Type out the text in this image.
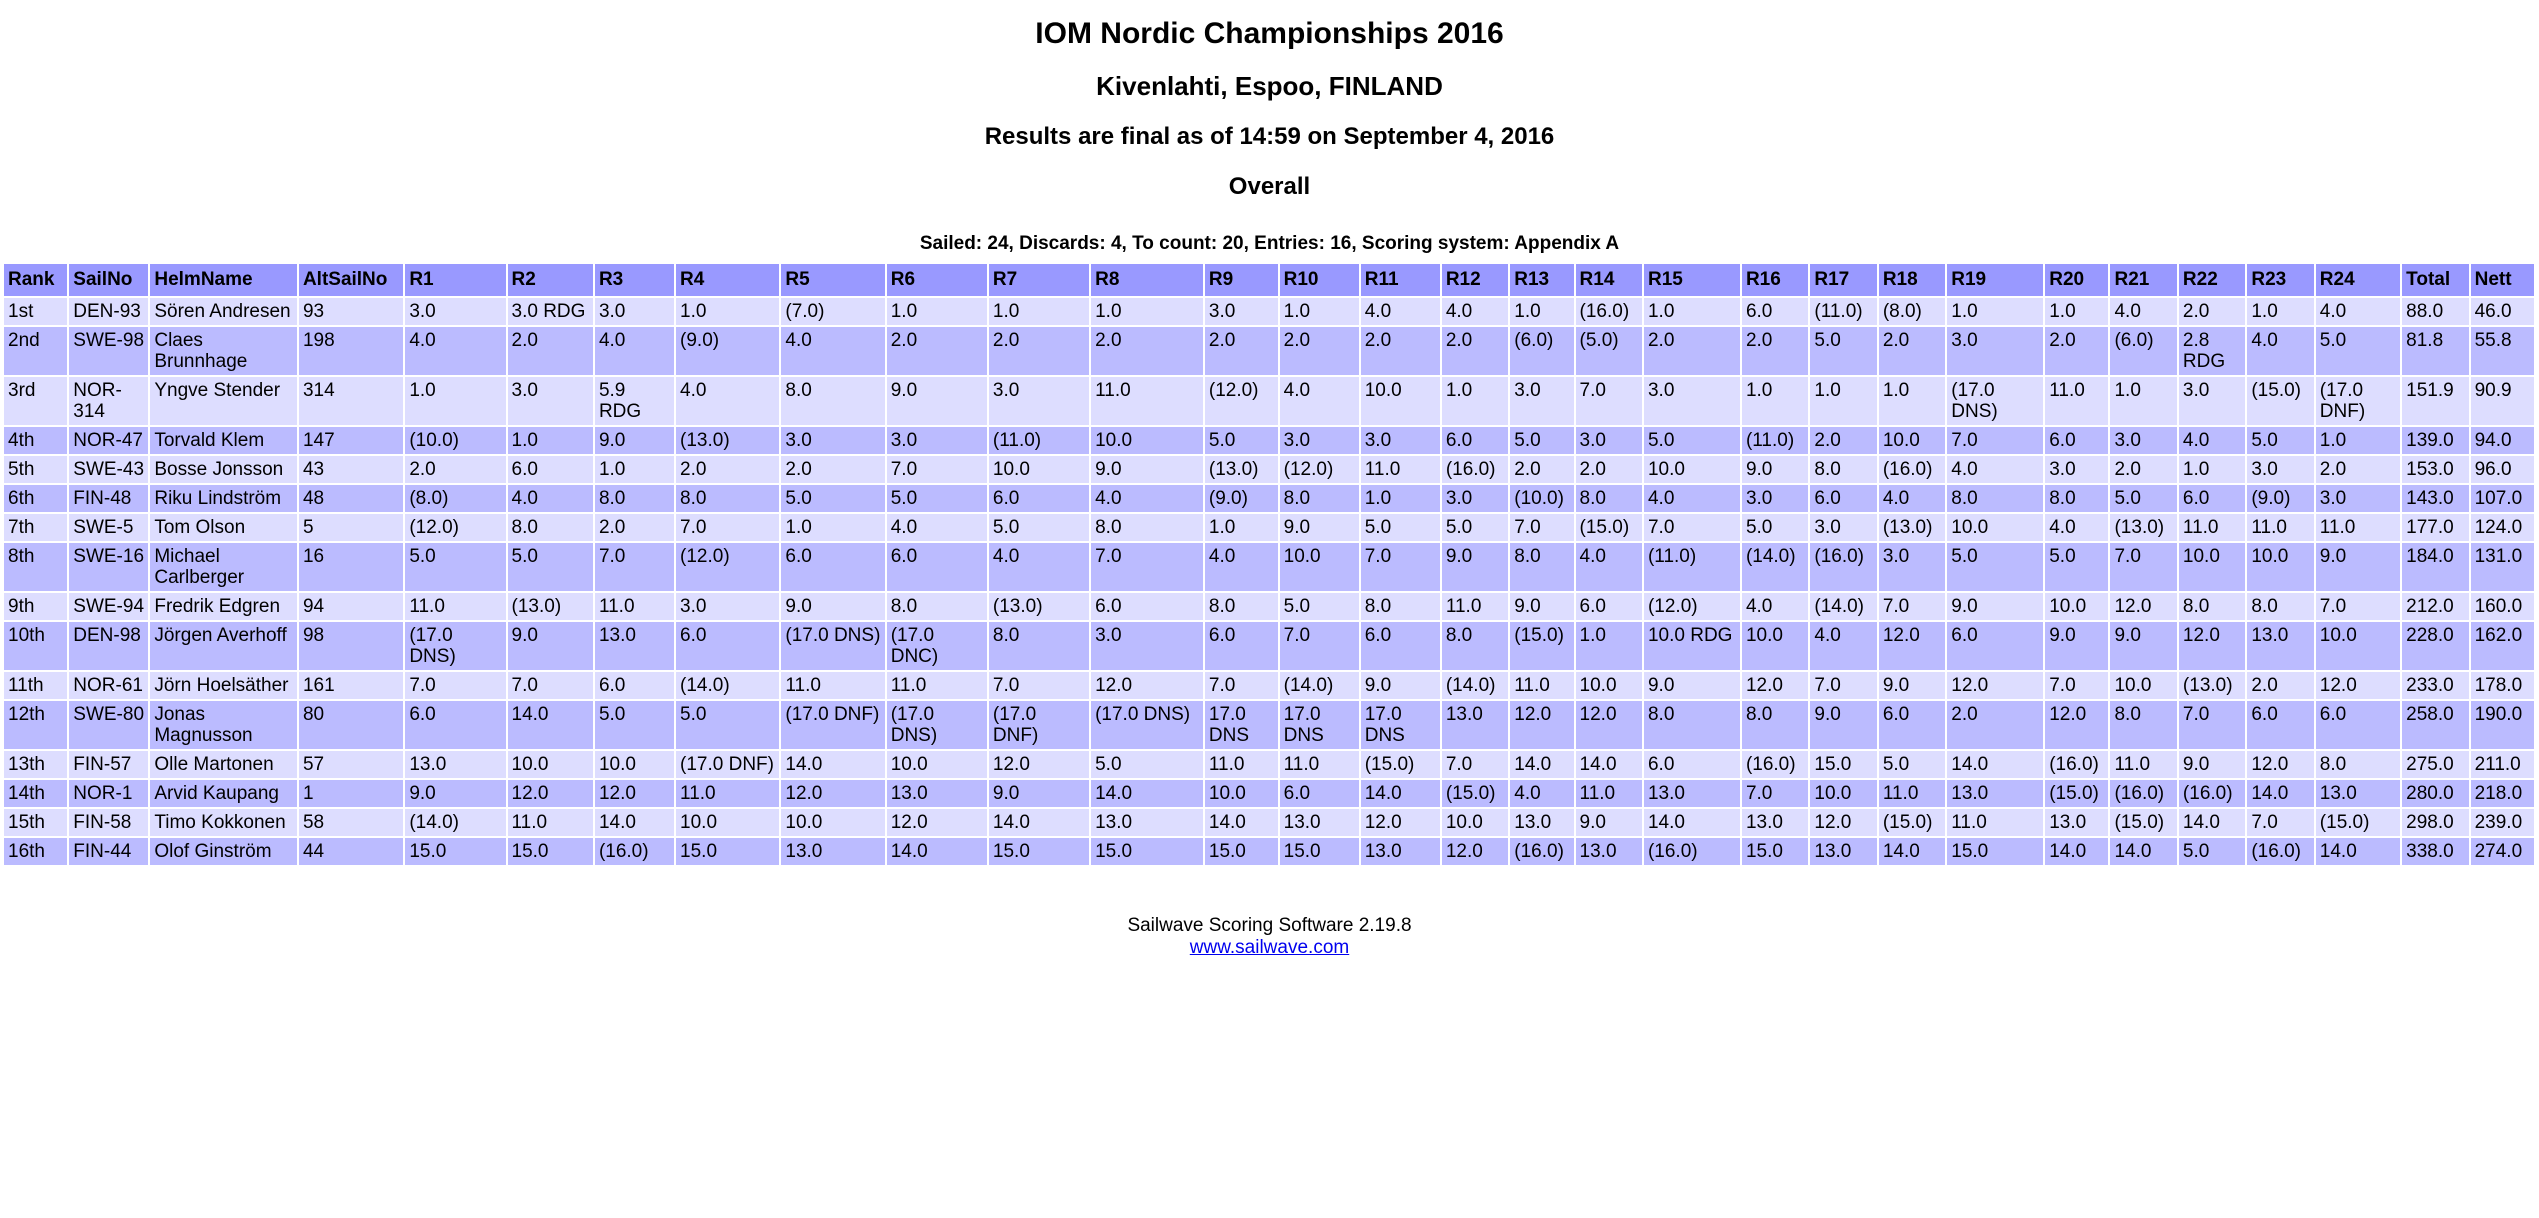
IOM Nordic Championships 2016
Kivenlahti, Espoo, FINLAND
Results are final as of 14:59 on September 4, 2016
Overall
Sailed: 24, Discards: 4, To count: 20, Entries: 16, Scoring system: Appendix A
Rank	SailNo	HelmName	AltSailNo	R1	R2	R3	R4	R5	R6	R7	R8	R9	R10	R11	R12	R13	R14	R15	R16	R17	R18	R19	R20	R21	R22	R23	R24	Total	Nett
1st	DEN-93	Sören Andresen	93	3.0	3.0 RDG	3.0	1.0	(7.0)	1.0	1.0	1.0	3.0	1.0	4.0	4.0	1.0	(16.0)	1.0	6.0	(11.0)	(8.0)	1.0	1.0	4.0	2.0	1.0	4.0	88.0	46.0
2nd	SWE-98	Claes Brunnhage	198	4.0	2.0	4.0	(9.0)	4.0	2.0	2.0	2.0	2.0	2.0	2.0	2.0	(6.0)	(5.0)	2.0	2.0	5.0	2.0	3.0	2.0	(6.0)	2.8 RDG	4.0	5.0	81.8	55.8
3rd	NOR-314	Yngve Stender	314	1.0	3.0	5.9 RDG	4.0	8.0	9.0	3.0	11.0	(12.0)	4.0	10.0	1.0	3.0	7.0	3.0	1.0	1.0	1.0	(17.0 DNS)	11.0	1.0	3.0	(15.0)	(17.0 DNF)	151.9	90.9
4th	NOR-47	Torvald Klem	147	(10.0)	1.0	9.0	(13.0)	3.0	3.0	(11.0)	10.0	5.0	3.0	3.0	6.0	5.0	3.0	5.0	(11.0)	2.0	10.0	7.0	6.0	3.0	4.0	5.0	1.0	139.0	94.0
5th	SWE-43	Bosse Jonsson	43	2.0	6.0	1.0	2.0	2.0	7.0	10.0	9.0	(13.0)	(12.0)	11.0	(16.0)	2.0	2.0	10.0	9.0	8.0	(16.0)	4.0	3.0	2.0	1.0	3.0	2.0	153.0	96.0
6th	FIN-48	Riku Lindström	48	(8.0)	4.0	8.0	8.0	5.0	5.0	6.0	4.0	(9.0)	8.0	1.0	3.0	(10.0)	8.0	4.0	3.0	6.0	4.0	8.0	8.0	5.0	6.0	(9.0)	3.0	143.0	107.0
7th	SWE-5	Tom Olson	5	(12.0)	8.0	2.0	7.0	1.0	4.0	5.0	8.0	1.0	9.0	5.0	5.0	7.0	(15.0)	7.0	5.0	3.0	(13.0)	10.0	4.0	(13.0)	11.0	11.0	11.0	177.0	124.0
8th	SWE-16	Michael Carlberger	16	5.0	5.0	7.0	(12.0)	6.0	6.0	4.0	7.0	4.0	10.0	7.0	9.0	8.0	4.0	(11.0)	(14.0)	(16.0)	3.0	5.0	5.0	7.0	10.0	10.0	9.0	184.0	131.0
9th	SWE-94	Fredrik Edgren	94	11.0	(13.0)	11.0	3.0	9.0	8.0	(13.0)	6.0	8.0	5.0	8.0	11.0	9.0	6.0	(12.0)	4.0	(14.0)	7.0	9.0	10.0	12.0	8.0	8.0	7.0	212.0	160.0
10th	DEN-98	Jörgen Averhoff	98	(17.0 DNS)	9.0	13.0	6.0	(17.0 DNS)	(17.0 DNC)	8.0	3.0	6.0	7.0	6.0	8.0	(15.0)	1.0	10.0 RDG	10.0	4.0	12.0	6.0	9.0	9.0	12.0	13.0	10.0	228.0	162.0
11th	NOR-61	Jörn Hoelsäther	161	7.0	7.0	6.0	(14.0)	11.0	11.0	7.0	12.0	7.0	(14.0)	9.0	(14.0)	11.0	10.0	9.0	12.0	7.0	9.0	12.0	7.0	10.0	(13.0)	2.0	12.0	233.0	178.0
12th	SWE-80	Jonas Magnusson	80	6.0	14.0	5.0	5.0	(17.0 DNF)	(17.0 DNS)	(17.0 DNF)	(17.0 DNS)	17.0 DNS	17.0 DNS	17.0 DNS	13.0	12.0	12.0	8.0	8.0	9.0	6.0	2.0	12.0	8.0	7.0	6.0	6.0	258.0	190.0
13th	FIN-57	Olle Martonen	57	13.0	10.0	10.0	(17.0 DNF)	14.0	10.0	12.0	5.0	11.0	11.0	(15.0)	7.0	14.0	14.0	6.0	(16.0)	15.0	5.0	14.0	(16.0)	11.0	9.0	12.0	8.0	275.0	211.0
14th	NOR-1	Arvid Kaupang	1	9.0	12.0	12.0	11.0	12.0	13.0	9.0	14.0	10.0	6.0	14.0	(15.0)	4.0	11.0	13.0	7.0	10.0	11.0	13.0	(15.0)	(16.0)	(16.0)	14.0	13.0	280.0	218.0
15th	FIN-58	Timo Kokkonen	58	(14.0)	11.0	14.0	10.0	10.0	12.0	14.0	13.0	14.0	13.0	12.0	10.0	13.0	9.0	14.0	13.0	12.0	(15.0)	11.0	13.0	(15.0)	14.0	7.0	(15.0)	298.0	239.0
16th	FIN-44	Olof Ginström	44	15.0	15.0	(16.0)	15.0	13.0	14.0	15.0	15.0	15.0	15.0	13.0	12.0	(16.0)	13.0	(16.0)	15.0	13.0	14.0	15.0	14.0	14.0	5.0	(16.0)	14.0	338.0	274.0
Sailwave Scoring Software 2.19.8
www.sailwave.com
